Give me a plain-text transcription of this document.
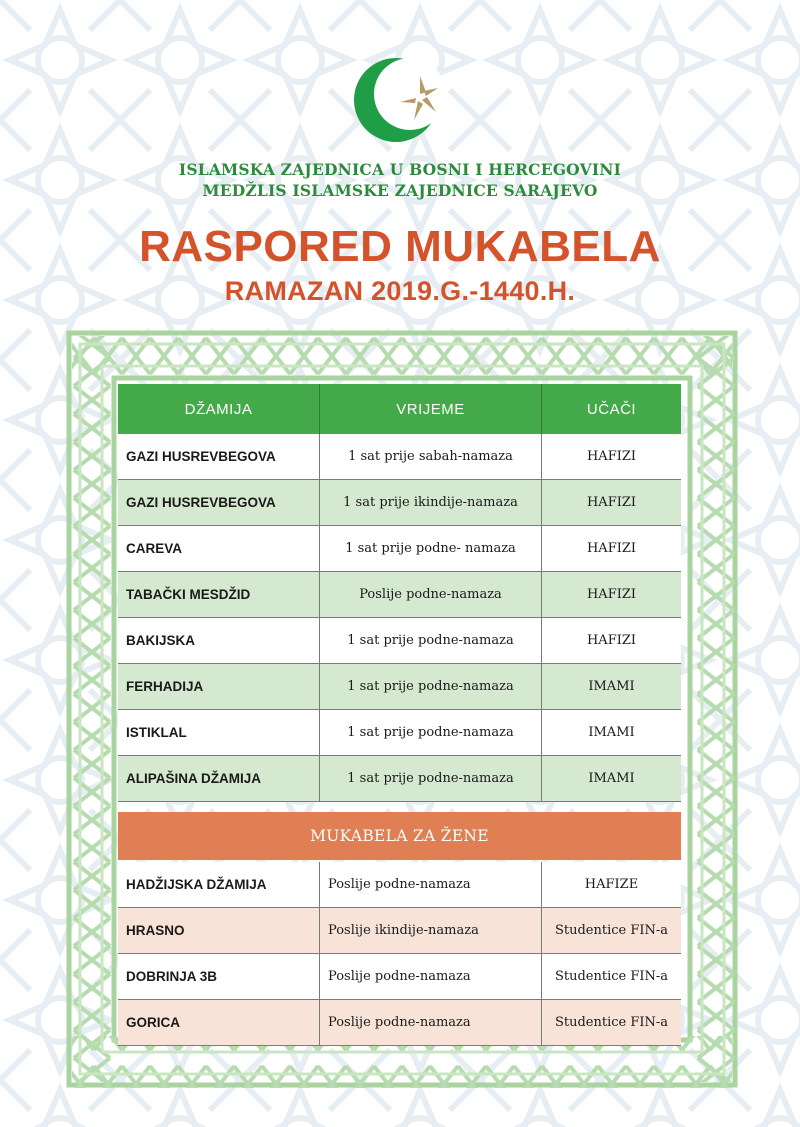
ISLAMSKA ZAJEDNICA U BOSNI I HERCEGOVINI
MEDŽLIS ISLAMSKE ZAJEDNICE SARAJEVO
RASPORED MUKABELA
RAMAZAN 2019.G.-1440.H.
DŽAMIJA	VRIJEME	UČAČI
GAZI HUSREVBEGOVA	1 sat prije sabah-namaza	HAFIZI
GAZI HUSREVBEGOVA	1 sat prije ikindije-namaza	HAFIZI
CAREVA	1 sat prije podne- namaza	HAFIZI
TABAČKI MESDŽID	Poslije podne-namaza	HAFIZI
BAKIJSKA	1 sat prije podne-namaza	HAFIZI
FERHADIJA	1 sat prije podne-namaza	IMAMI
ISTIKLAL	1 sat prije podne-namaza	IMAMI
ALIPAŠINA DŽAMIJA	1 sat prije podne-namaza	IMAMI
MUKABELA ZA ŽENE
HADŽIJSKA DŽAMIJA	Poslije podne-namaza	HAFIZE
HRASNO	Poslije ikindije-namaza	Studentice FIN-a
DOBRINJA 3B	Poslije podne-namaza	Studentice FIN-a
GORICA	Poslije podne-namaza	Studentice FIN-a
